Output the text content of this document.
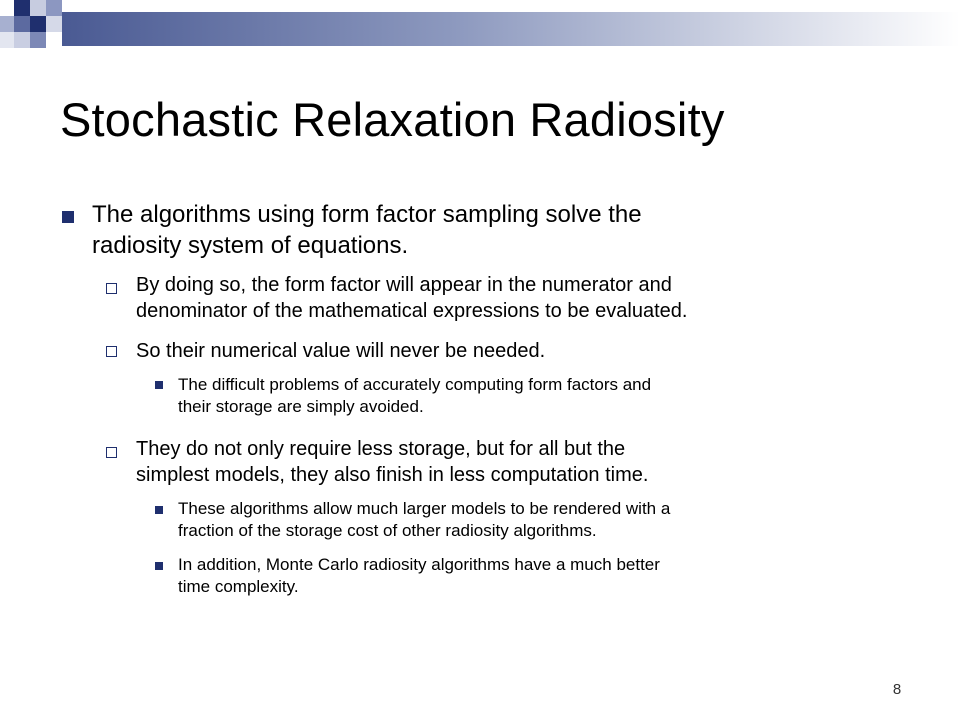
Stochastic Relaxation Radiosity
The algorithms using form factor sampling solve the
radiosity system of equations.
By doing so, the form factor will appear in the numerator and
denominator of the mathematical expressions to be evaluated.
So their numerical value will never be needed.
The difficult problems of accurately computing form factors and
their storage are simply avoided.
They do not only require less storage, but for all but the
simplest models, they also finish in less computation time.
These algorithms allow much larger models to be rendered with a
fraction of the storage cost of other radiosity algorithms.
In addition, Monte Carlo radiosity algorithms have a much better
time complexity.
8
